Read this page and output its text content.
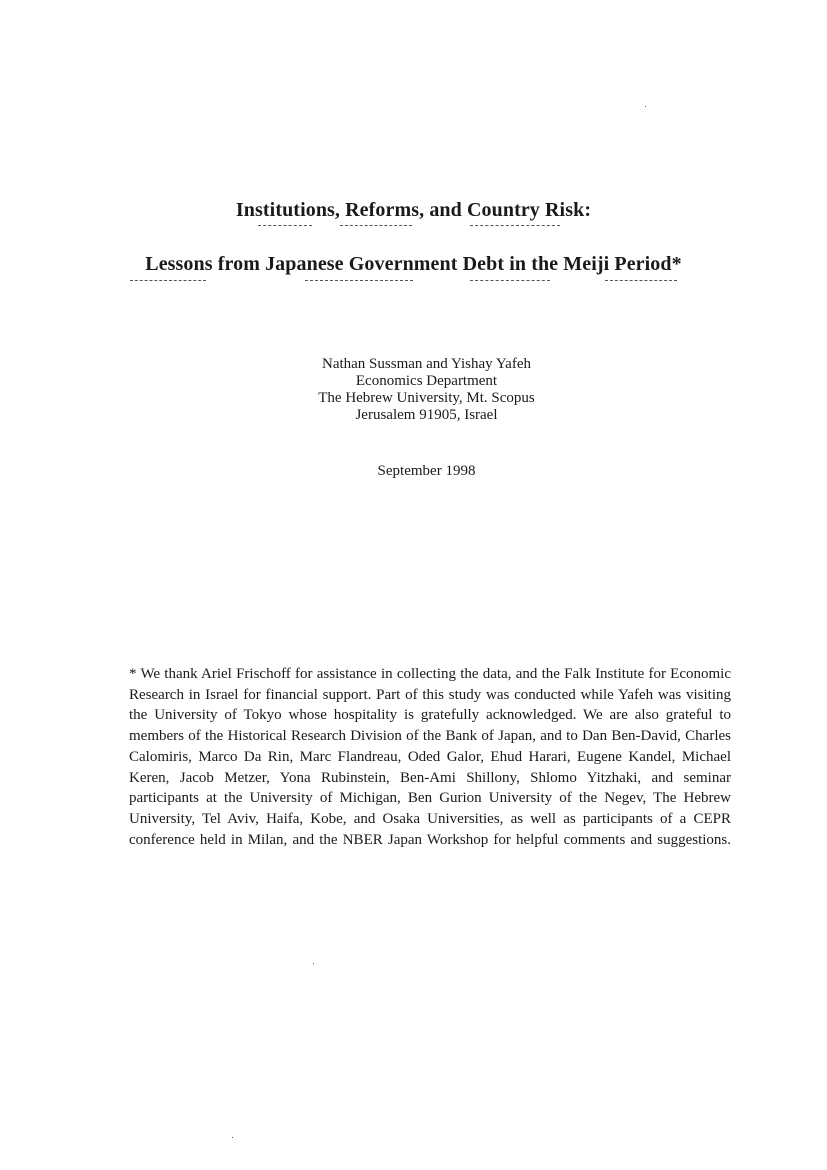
Institutions, Reforms, and Country Risk:
Lessons from Japanese Government Debt in the Meiji Period*
Nathan Sussman and Yishay Yafeh
Economics Department
The Hebrew University, Mt. Scopus
Jerusalem 91905, Israel
September 1998
* We thank Ariel Frischoff for assistance in collecting the data, and the Falk Institute for Economic Research in Israel for financial support. Part of this study was conducted while Yafeh was visiting the University of Tokyo whose hospitality is gratefully acknowledged. We are also grateful to members of the Historical Research Division of the Bank of Japan, and to Dan Ben-David, Charles Calomiris, Marco Da Rin, Marc Flandreau, Oded Galor, Ehud Harari, Eugene Kandel, Michael Keren, Jacob Metzer, Yona Rubinstein, Ben-Ami Shillony, Shlomo Yitzhaki, and seminar participants at the University of Michigan, Ben Gurion University of the Negev, The Hebrew University, Tel Aviv, Haifa, Kobe, and Osaka Universities, as well as participants of a CEPR conference held in Milan, and the NBER Japan Workshop for helpful comments and suggestions.
